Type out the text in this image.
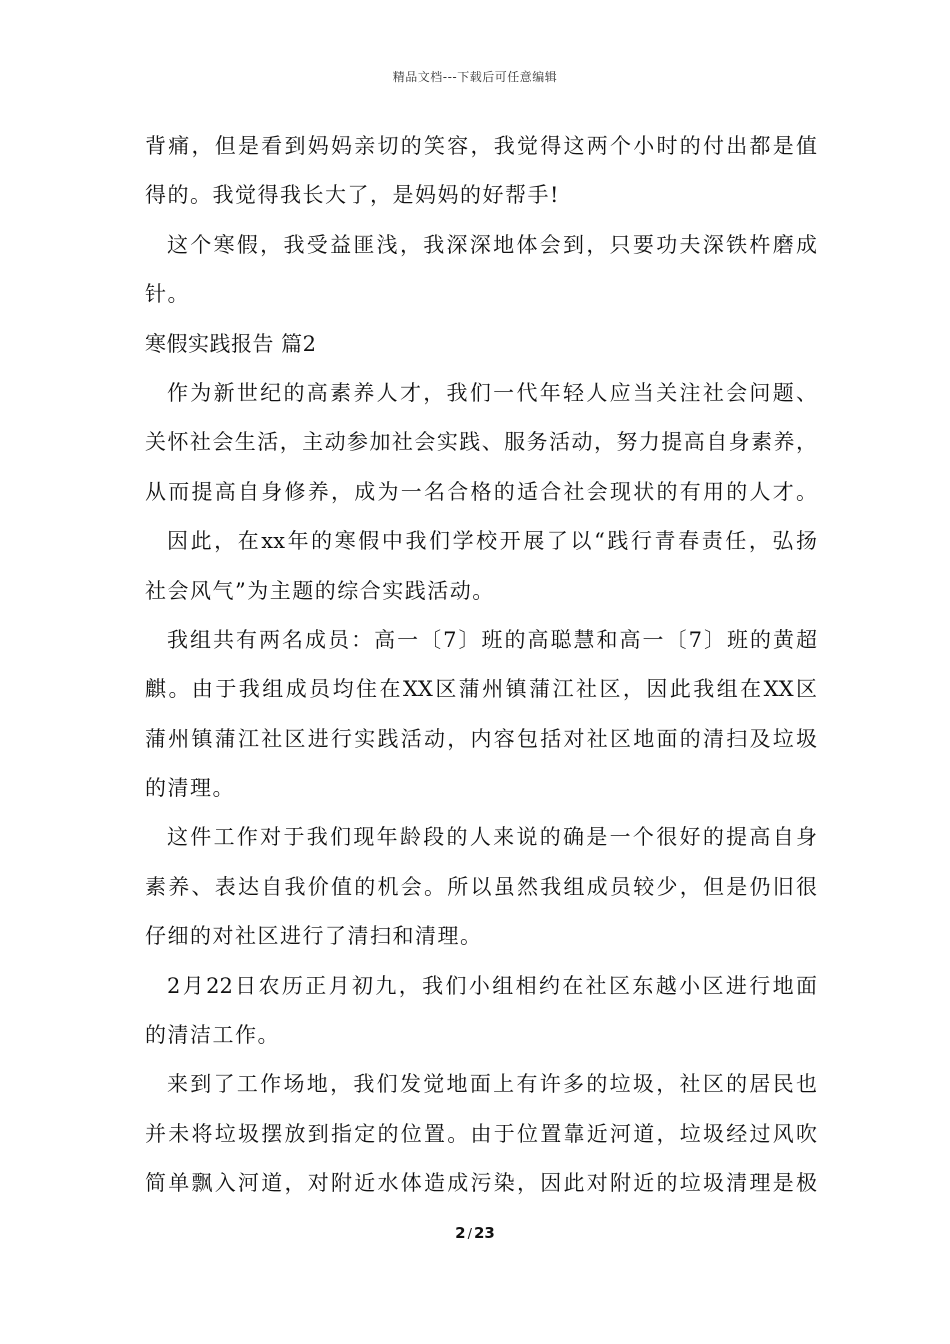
精品文档---下载后可任意编辑
背痛，但是看到妈妈亲切的笑容，我觉得这两个小时的付出都是值
得的。我觉得我长大了，是妈妈的好帮手!
这个寒假，我受益匪浅，我深深地体会到，只要功夫深铁杵磨成
针。
寒假实践报告 篇2
作为新世纪的高素养人才，我们一代年轻人应当关注社会问题、
关怀社会生活，主动参加社会实践、服务活动，努力提高自身素养，
从而提高自身修养，成为一名合格的适合社会现状的有用的人才。
因此，在xx年的寒假中我们学校开展了以“践行青春责任，弘扬
社会风气”为主题的综合实践活动。
我组共有两名成员：高一〔7〕班的高聪慧和高一〔7〕班的黄超
麒。由于我组成员均住在XX区蒲州镇蒲江社区，因此我组在XX区
蒲州镇蒲江社区进行实践活动，内容包括对社区地面的清扫及垃圾
的清理。
这件工作对于我们现年龄段的人来说的确是一个很好的提高自身
素养、表达自我价值的机会。所以虽然我组成员较少，但是仍旧很
仔细的对社区进行了清扫和清理。
2月22日农历正月初九，我们小组相约在社区东越小区进行地面
的清洁工作。
来到了工作场地，我们发觉地面上有许多的垃圾，社区的居民也
并未将垃圾摆放到指定的位置。由于位置靠近河道，垃圾经过风吹
简单飘入河道，对附近水体造成污染，因此对附近的垃圾清理是极
2 / 23
